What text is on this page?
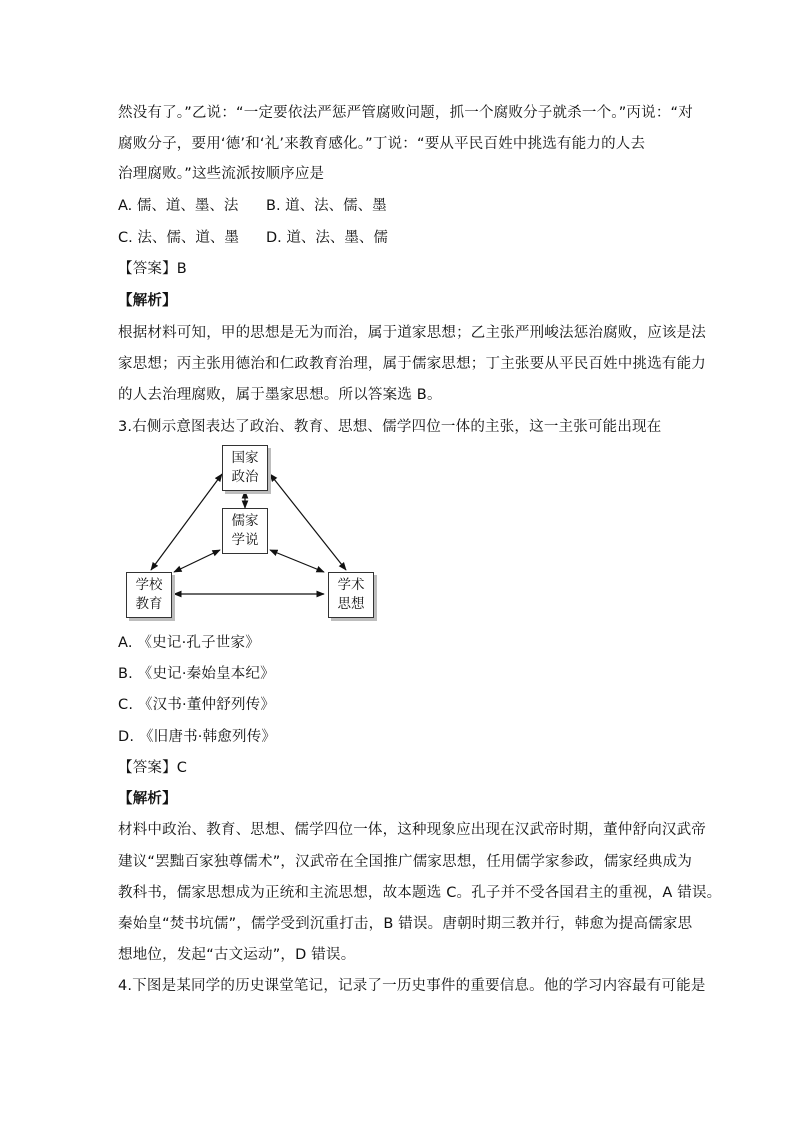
然没有了。”乙说：“一定要依法严惩严管腐败问题，抓一个腐败分子就杀一个。”丙说：“对
腐败分子，要用‘德’和‘礼’来教育感化。”丁说：“要从平民百姓中挑选有能力的人去
治理腐败。”这些流派按顺序应是
A. 儒、道、墨、法 B. 道、法、儒、墨
C. 法、儒、道、墨 D. 道、法、墨、儒
【答案】B
【解析】
根据材料可知，甲的思想是无为而治，属于道家思想；乙主张严刑峻法惩治腐败，应该是法
家思想；丙主张用德治和仁政教育治理，属于儒家思想；丁主张要从平民百姓中挑选有能力
的人去治理腐败，属于墨家思想。所以答案选 B。
3.右侧示意图表达了政治、教育、思想、儒学四位一体的主张，这一主张可能出现在
国家
政治
儒家
学说
学校
教育
学术
思想
A. 《史记·孔子世家》
B. 《史记·秦始皇本纪》
C. 《汉书·董仲舒列传》
D. 《旧唐书·韩愈列传》
【答案】C
【解析】
材料中政治、教育、思想、儒学四位一体，这种现象应出现在汉武帝时期，董仲舒向汉武帝
建议“罢黜百家独尊儒术”，汉武帝在全国推广儒家思想，任用儒学家参政，儒家经典成为
教科书，儒家思想成为正统和主流思想，故本题选 C。孔子并不受各国君主的重视，A 错误。
秦始皇“焚书坑儒”，儒学受到沉重打击，B 错误。唐朝时期三教并行，韩愈为提高儒家思
想地位，发起“古文运动”，D 错误。
4.下图是某同学的历史课堂笔记，记录了一历史事件的重要信息。他的学习内容最有可能是
